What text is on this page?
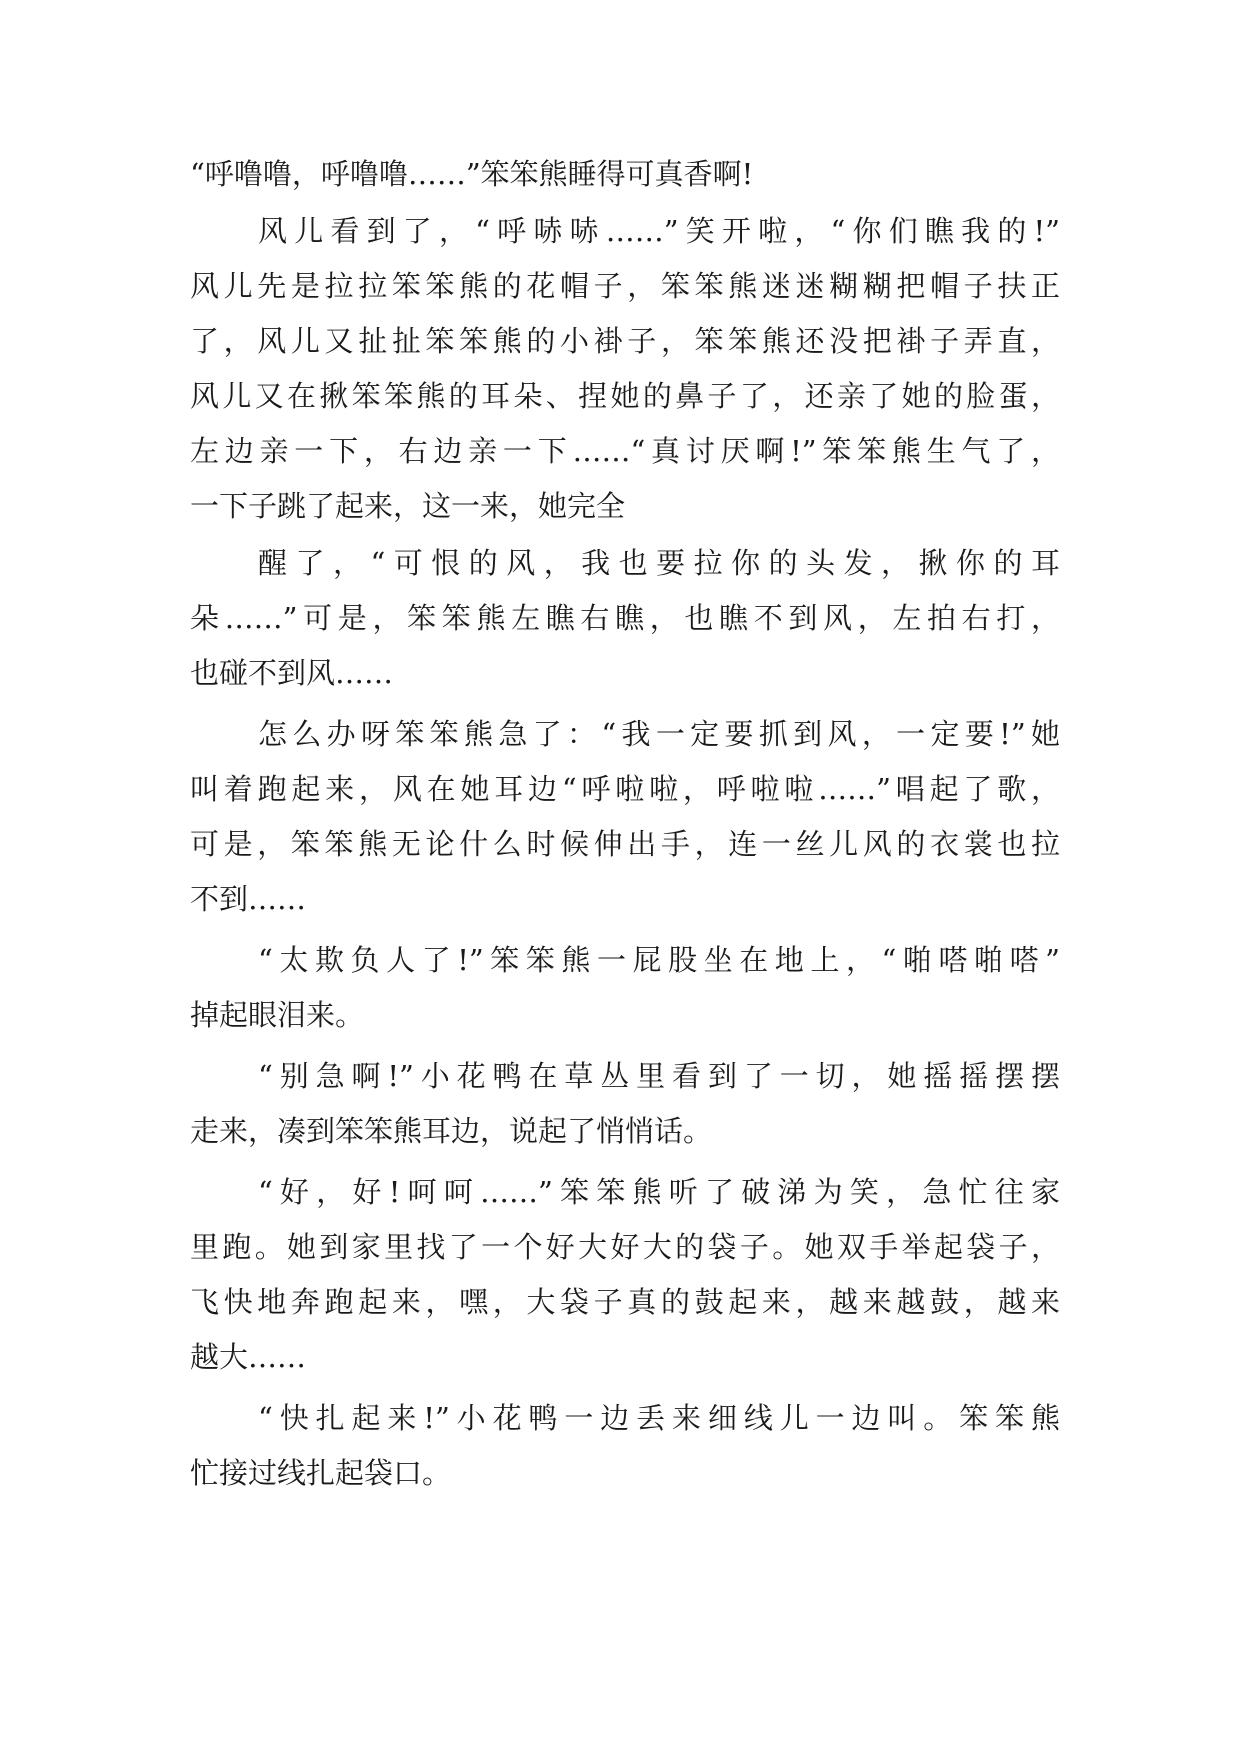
“呼噜噜，呼噜噜……”笨笨熊睡得可真香啊!
风儿看到了，“呼哧哧……”笑开啦，“你们瞧我的!”
风儿先是拉拉笨笨熊的花帽子，笨笨熊迷迷糊糊把帽子扶正
了，风儿又扯扯笨笨熊的小褂子，笨笨熊还没把褂子弄直，
风儿又在揪笨笨熊的耳朵、捏她的鼻子了，还亲了她的脸蛋，
左边亲一下，右边亲一下……“真讨厌啊!”笨笨熊生气了，
一下子跳了起来，这一来，她完全
醒了，“可恨的风，我也要拉你的头发，揪你的耳
朵……”可是，笨笨熊左瞧右瞧，也瞧不到风，左拍右打，
也碰不到风……
怎么办呀笨笨熊急了：“我一定要抓到风，一定要!”她
叫着跑起来，风在她耳边“呼啦啦，呼啦啦……”唱起了歌，
可是，笨笨熊无论什么时候伸出手，连一丝儿风的衣裳也拉
不到……
“太欺负人了!”笨笨熊一屁股坐在地上，“啪嗒啪嗒”
掉起眼泪来。
“别急啊!”小花鸭在草丛里看到了一切，她摇摇摆摆
走来，凑到笨笨熊耳边，说起了悄悄话。
“好，好!呵呵……”笨笨熊听了破涕为笑，急忙往家
里跑。她到家里找了一个好大好大的袋子。她双手举起袋子，
飞快地奔跑起来，嘿，大袋子真的鼓起来，越来越鼓，越来
越大……
“快扎起来!”小花鸭一边丢来细线儿一边叫。笨笨熊
忙接过线扎起袋口。
